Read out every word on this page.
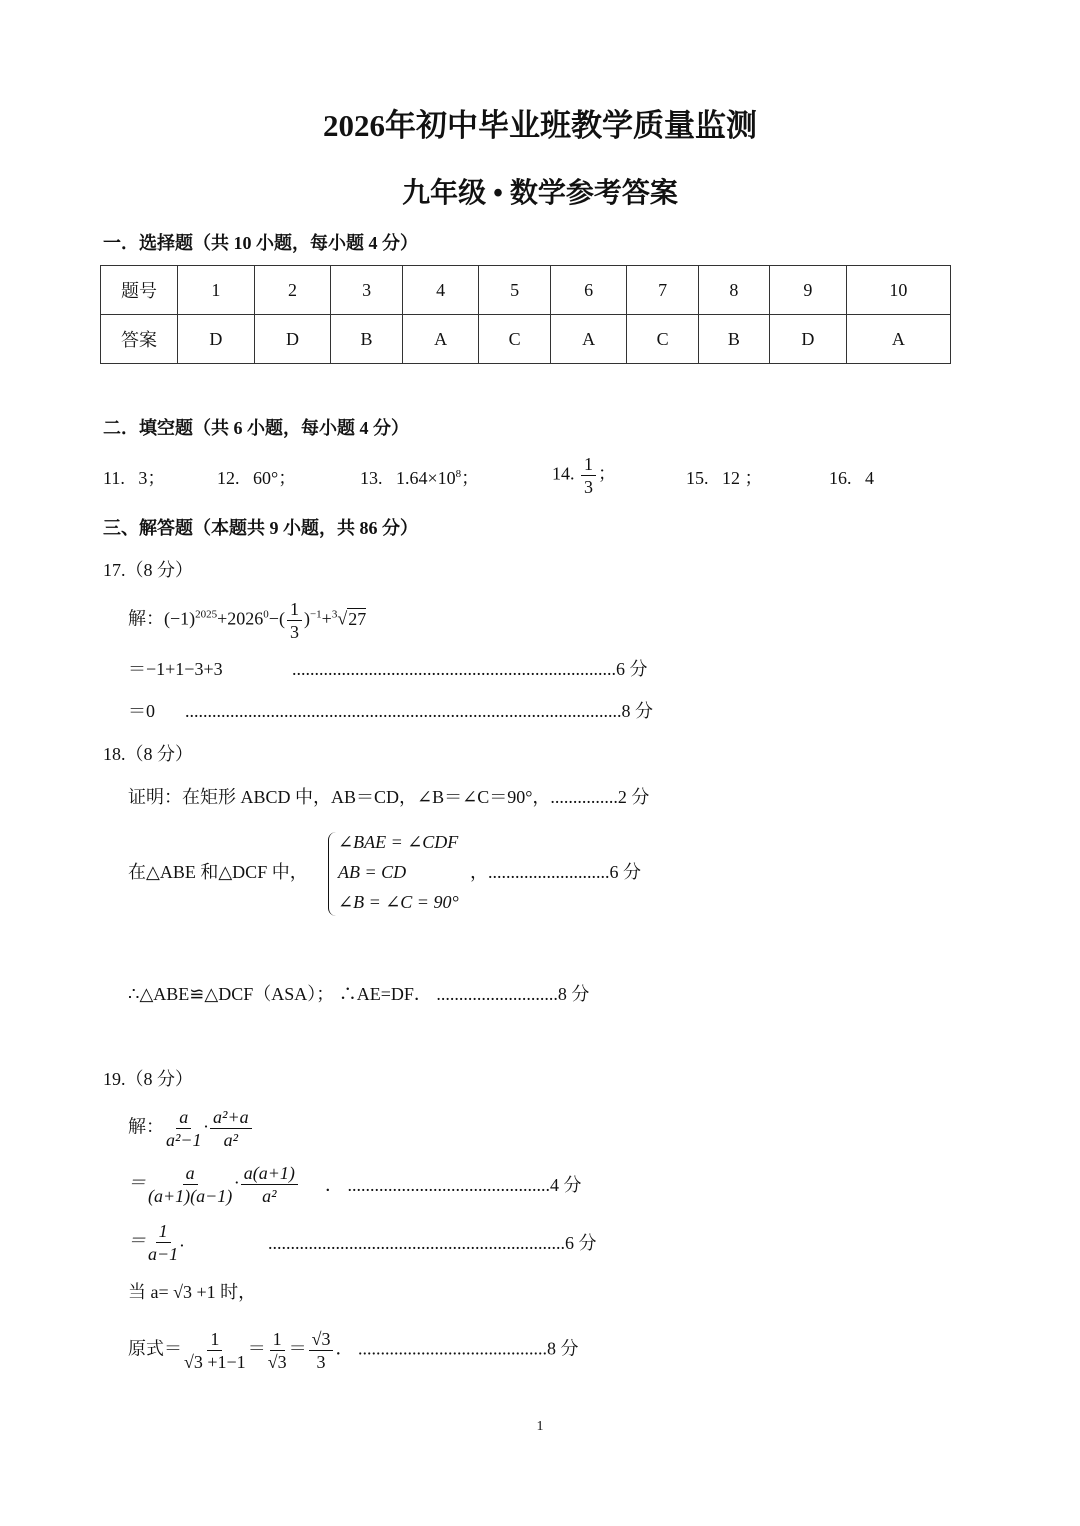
2026年初中毕业班教学质量监测
九年级 • 数学参考答案
一．选择题（共 10 小题，每小题 4 分）
题号	1	2	3	4	5	6	7	8	9	10
答案	D	D	B	A	C	A	C	B	D	A
二．填空题（共 6 小题，每小题 4 分）
11. 3；	12. 60°；	13. $1.64\times 10^8$；	14. $\frac{1}{3}$ ；	15. 12 ；	16. 4
三、解答题（本题共 9 小题，共 86 分）
17.（8 分）
解：$(-1)^{2025}+2026^0-( \frac{1}{3} )^{-1}+^3√27$
＝−1+1−3+3	........................................................................6 分
＝0 .................................................................................................8 分
18.（8 分）
证明：在矩形 ABCD 中，AB＝CD，∠B＝∠C＝90°，...............2 分
在△ABE 和△DCF 中，
∠BAE = ∠CDF
AB = CD
∠B = ∠C = 90°
，...........................6 分
∴△ABE≌△DCF（ASA）； ∴AE=DF． ...........................8 分
19.（8 分）
解： $\frac{a}{\text{a²−1}} \cdot \frac{\text{a²+a}}{\text{a²}}$
＝ $\frac{a}{(a+1)(a-1)} \cdot \frac{a(a+1)}{\text{a²}}$ ． .............................................4 分
＝ $\frac{1}{a-1}$ .	..................................................................6 分
当 a= √3 +1 时，
原式＝ $\frac{1}{√3 +1-1} = \frac{1}{√3} = \frac{√3}{3}$ ． ..........................................8 分
1
